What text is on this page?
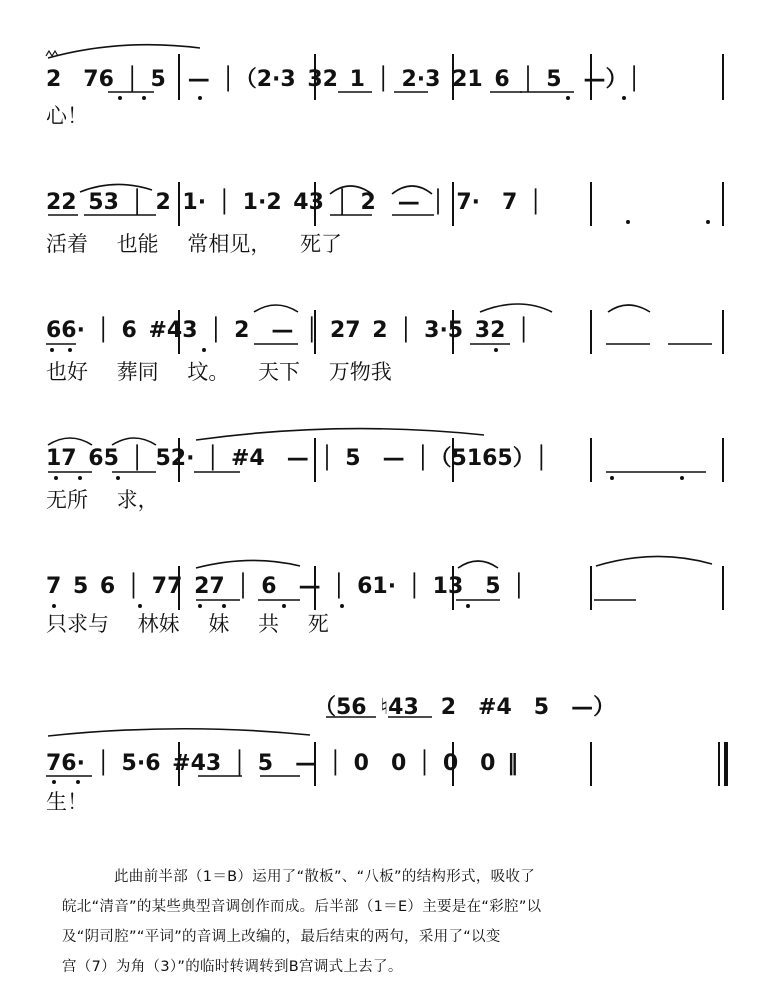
2　76 │ 5　— │（2·3 32 1 │ 2·3 21 6 │ 5　—）│
心！
22 53 │ 2 1· │ 1·2 43 │ 2　— │ 7·　7 │
活着 也能 常相见， 死了
66· │ 6 #43 │ 2　— │ 27 2 │ 3·5 32 │
也好 葬同 坟。 天下 万物我
17 65 │ 52· │ #4　— │ 5　— │（5165）│
无所 求，
7 5 6 │ 77 27 │ 6　— │ 61· │ 13　5 │
只求与 林妹 妹 共 死
（56 ♮43　2　#4　5　—）
76· │ 5·6 #43 │ 5　— │ 0　0 │ 0　0 ‖
生！
此曲前半部（1＝B）运用了“散板”、“八板”的结构形式，吸收了
皖北“清音”的某些典型音调创作而成。后半部（1＝E）主要是在“彩腔”以
及“阴司腔”“平词”的音调上改编的，最后结束的两句，采用了“以变
宫（7）为角（3）”的临时转调转到B宫调式上去了。
